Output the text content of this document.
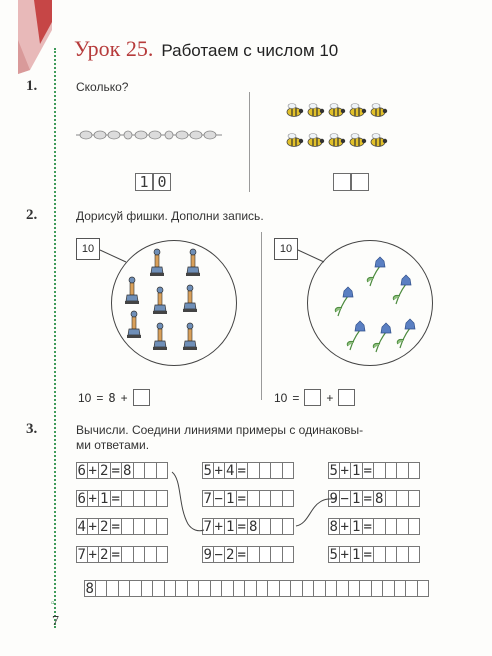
Урок 25. Работаем с числом 10
1.
2.
3.
Сколько?
1 0
Дорисуй фишки. Дополни запись.
10	10
10 = 8 +	10 = +
Вычисли. Соедини линиями примеры с одинаковы-
ми ответами.
6 + 2 = 8
6 + 1 =
4 + 2 =
7 + 2 =
5 + 4 =
7 − 1 =
7 + 1 = 8
9 − 2 =
5 + 1 =
9 − 1 = 8
8 + 1 =
5 + 1 =
8
▫
7
